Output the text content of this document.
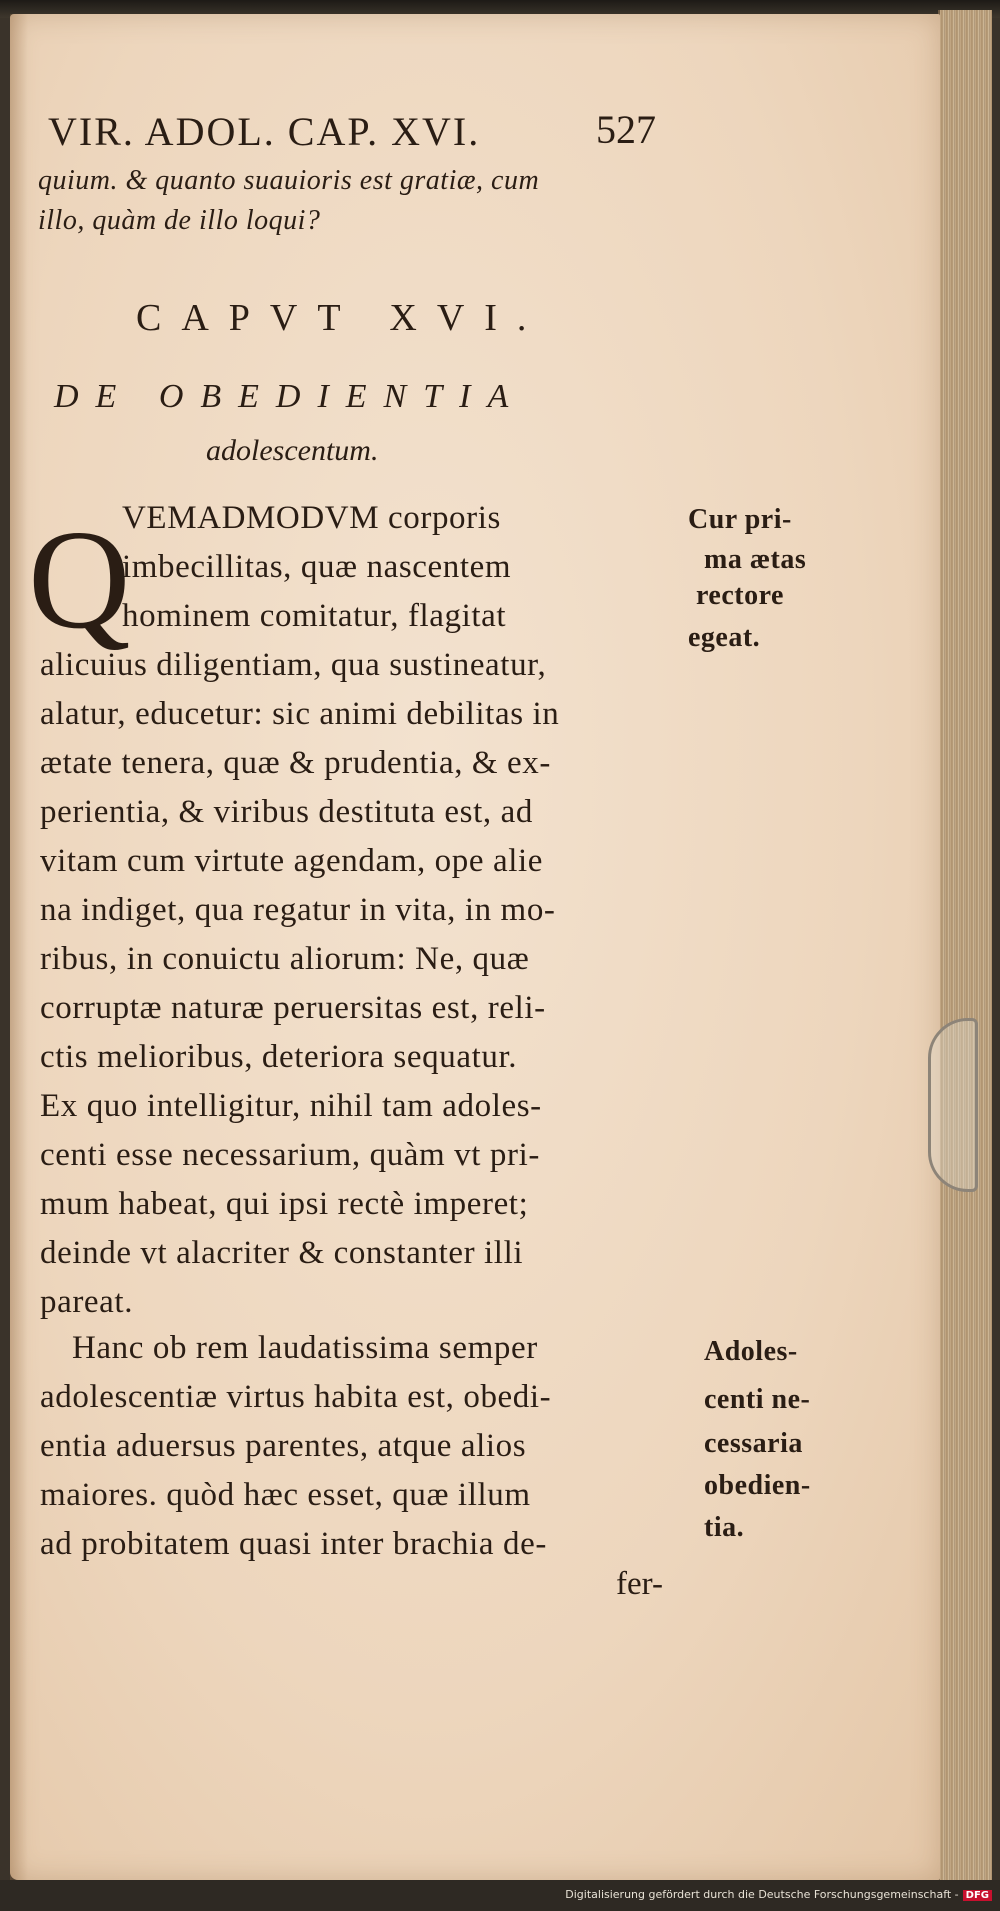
VIR. ADOL. CAP. XVI.	527
quium. & quanto suauioris est gratiæ, cum
illo, quàm de illo loqui?
CAPVT XVI.
DE OBEDIENTIA
adolescentum.
Q
VEMADMODVM corporis
imbecillitas, quæ nascentem
hominem comitatur, flagitat
alicuius diligentiam, qua sustineatur,
alatur, educetur: sic animi debilitas in
ætate tenera, quæ & prudentia, & ex-
perientia, & viribus destituta est, ad
vitam cum virtute agendam, ope alie
na indiget, qua regatur in vita, in mo-
ribus, in conuictu aliorum: Ne, quæ
corruptæ naturæ peruersitas est, reli-
ctis melioribus, deteriora sequatur.
Ex quo intelligitur, nihil tam adoles-
centi esse necessarium, quàm vt pri-
mum habeat, qui ipsi rectè imperet;
deinde vt alacriter & constanter illi
pareat.
Hanc ob rem laudatissima semper
adolescentiæ virtus habita est, obedi-
entia aduersus parentes, atque alios
maiores. quòd hæc esset, quæ illum
ad probitatem quasi inter brachia de-
fer-
Cur pri-
ma ætas
rectore
egeat.
Adoles-
centi ne-
cessaria
obedien-
tia.
Digitalisierung gefördert durch die Deutsche Forschungsgemeinschaft - DFG
